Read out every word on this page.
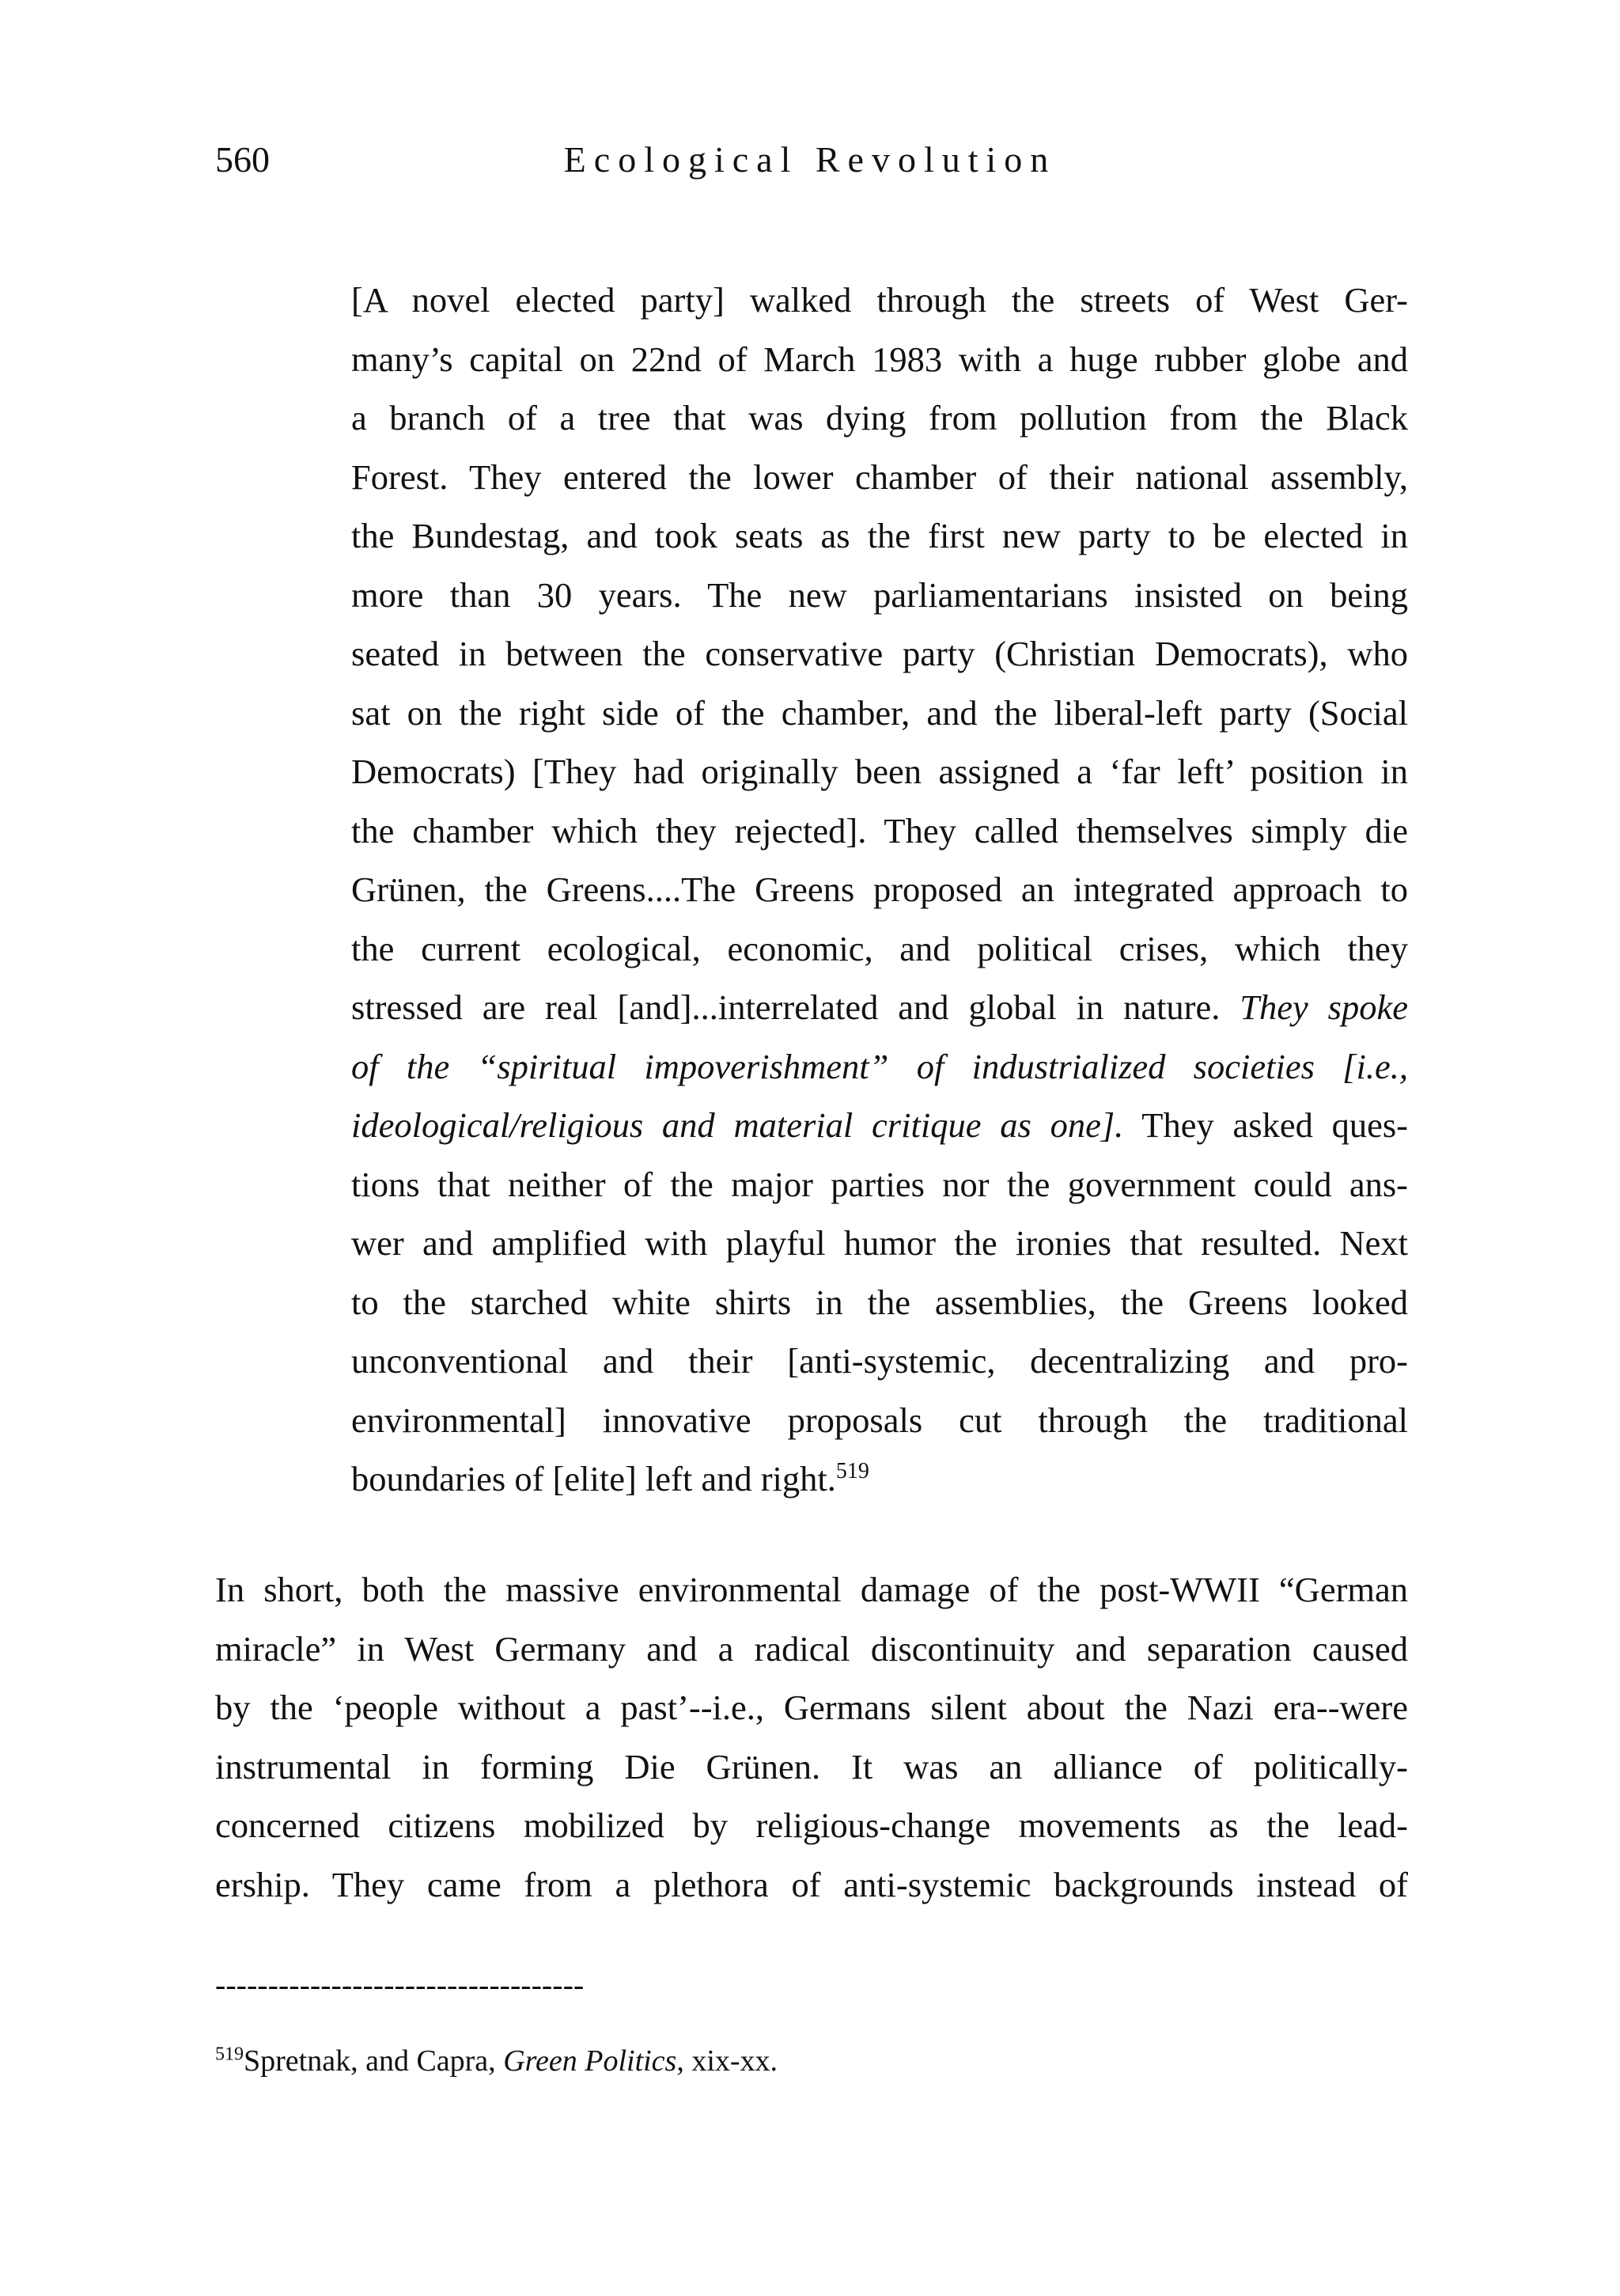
560	Ecological Revolution
[A novel elected party] walked through the streets of West Ger-
many’s capital on 22nd of March 1983 with a huge rubber globe and
a branch of a tree that was dying from pollution from the Black
Forest. They entered the lower chamber of their national assembly,
the Bundestag, and took seats as the first new party to be elected in
more than 30 years. The new parliamentarians insisted on being
seated in between the conservative party (Christian Democrats), who
sat on the right side of the chamber, and the liberal-left party (Social
Democrats) [They had originally been assigned a ‘far left’ position in
the chamber which they rejected]. They called themselves simply die
Grünen, the Greens....The Greens proposed an integrated approach to
the current ecological, economic, and political crises, which they
stressed are real [and]...interrelated and global in nature. They spoke
of the “spiritual impoverishment” of industrialized societies [i.e.,
ideological/religious and material critique as one]. They asked ques-
tions that neither of the major parties nor the government could ans-
wer and amplified with playful humor the ironies that resulted. Next
to the starched white shirts in the assemblies, the Greens looked
unconventional and their [anti-systemic, decentralizing and pro-
environmental] innovative proposals cut through the traditional
boundaries of [elite] left and right.$^{519}$
In short, both the massive environmental damage of the post-WWII “German
miracle” in West Germany and a radical discontinuity and separation caused
by the ‘people without a past’--i.e., Germans silent about the Nazi era--were
instrumental in forming Die Grünen. It was an alliance of politically-
concerned citizens mobilized by religious-change movements as the lead-
ership. They came from a plethora of anti-systemic backgrounds instead of
-----------------------------------
$^{519}$Spretnak, and Capra, Green Politics, xix-xx.
